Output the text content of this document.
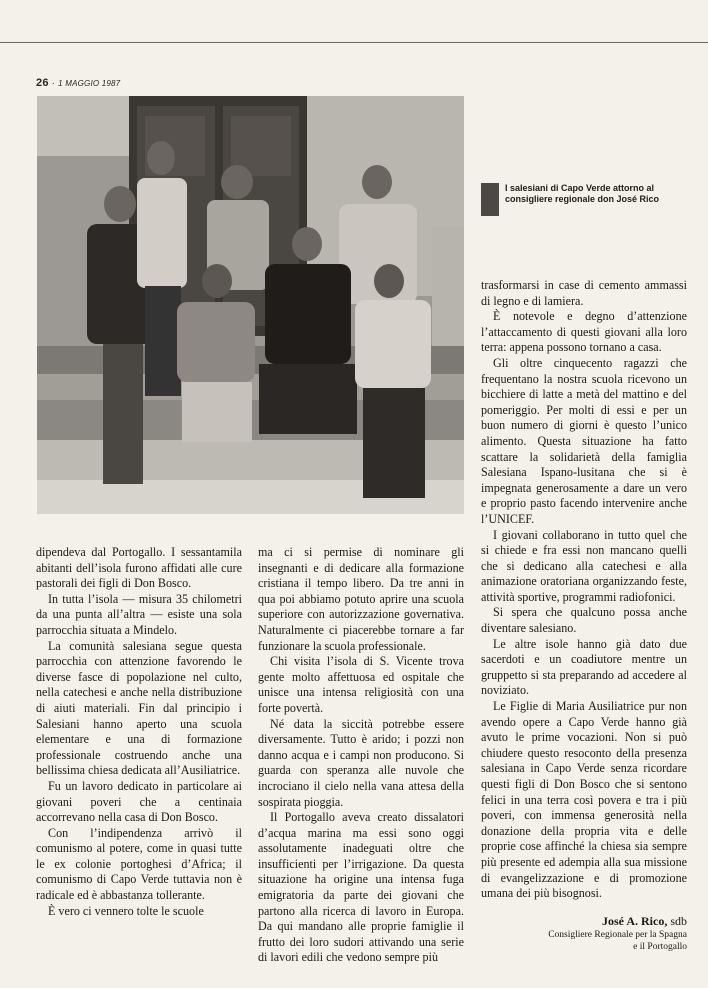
26 · 1 MAGGIO 1987
I salesiani di Capo Verde attorno al consigliere regionale don José Rico

dipendeva dal Portogallo. I sessantamila abitanti dell’isola furono affidati alle cure pastorali dei figli di Don Bosco.

In tutta l’isola — misura 35 chilometri da una punta all’altra — esiste una sola parrocchia situata a Mindelo.

La comunità salesiana segue questa parrocchia con attenzione favorendo le diverse fasce di popolazione nel culto, nella catechesi e anche nella distribuzione di aiuti materiali. Fin dal principio i Salesiani hanno aperto una scuola elementare e una di formazione professionale costruendo anche una bellissima chiesa dedicata all’Ausiliatrice.

Fu un lavoro dedicato in particolare ai giovani poveri che a centinaia accorrevano nella casa di Don Bosco.

Con l’indipendenza arrivò il comunismo al potere, come in quasi tutte le ex colonie portoghesi d’Africa; il comunismo di Capo Verde tuttavia non è radicale ed è abbastanza tollerante.

È vero ci vennero tolte le scuole

ma ci si permise di nominare gli insegnanti e di dedicare alla formazione cristiana il tempo libero. Da tre anni in qua poi abbiamo potuto aprire una scuola superiore con autorizzazione governativa. Naturalmente ci piacerebbe tornare a far funzionare la scuola professionale.

Chi visita l’isola di S. Vicente trova gente molto affettuosa ed ospitale che unisce una intensa religiosità con una forte povertà.

Né data la siccità potrebbe essere diversamente. Tutto è arido; i pozzi non danno acqua e i campi non producono. Si guarda con speranza alle nuvole che incrociano il cielo nella vana attesa della sospirata pioggia.

Il Portogallo aveva creato dissalatori d’acqua marina ma essi sono oggi assolutamente inadeguati oltre che insufficienti per l’irrigazione. Da questa situazione ha origine una intensa fuga emigratoria da parte dei giovani che partono alla ricerca di lavoro in Europa. Da qui mandano alle proprie famiglie il frutto dei loro sudori attivando una serie di lavori edili che vedono sempre più

trasformarsi in case di cemento ammassi di legno e di lamiera.

È notevole e degno d’attenzione l’attaccamento di questi giovani alla loro terra: appena possono tornano a casa.

Gli oltre cinquecento ragazzi che frequentano la nostra scuola ricevono un bicchiere di latte a metà del mattino e del pomeriggio. Per molti di essi e per un buon numero di giorni è questo l’unico alimento. Questa situazione ha fatto scattare la solidarietà della famiglia Salesiana Ispano-lusitana che si è impegnata generosamente a dare un vero e proprio pasto facendo intervenire anche l’UNICEF.

I giovani collaborano in tutto quel che si chiede e fra essi non mancano quelli che si dedicano alla catechesi e alla animazione oratoriana organizzando feste, attività sportive, programmi radiofonici.

Si spera che qualcuno possa anche diventare salesiano.

Le altre isole hanno già dato due sacerdoti e un coadiutore mentre un gruppetto si sta preparando ad accedere al noviziato.

Le Figlie di Maria Ausiliatrice pur non avendo opere a Capo Verde hanno già avuto le prime vocazioni. Non si può chiudere questo resoconto della presenza salesiana in Capo Verde senza ricordare questi figli di Don Bosco che si sentono felici in una terra così povera e tra i più poveri, con immensa generosità nella donazione della propria vita e delle proprie cose affinché la chiesa sia sempre più presente ed adempia alla sua missione di evangelizzazione e di promozione umana dei più bisognosi.

José A. Rico, sdb
Consigliere Regionale per la Spagna
e il Portogallo
